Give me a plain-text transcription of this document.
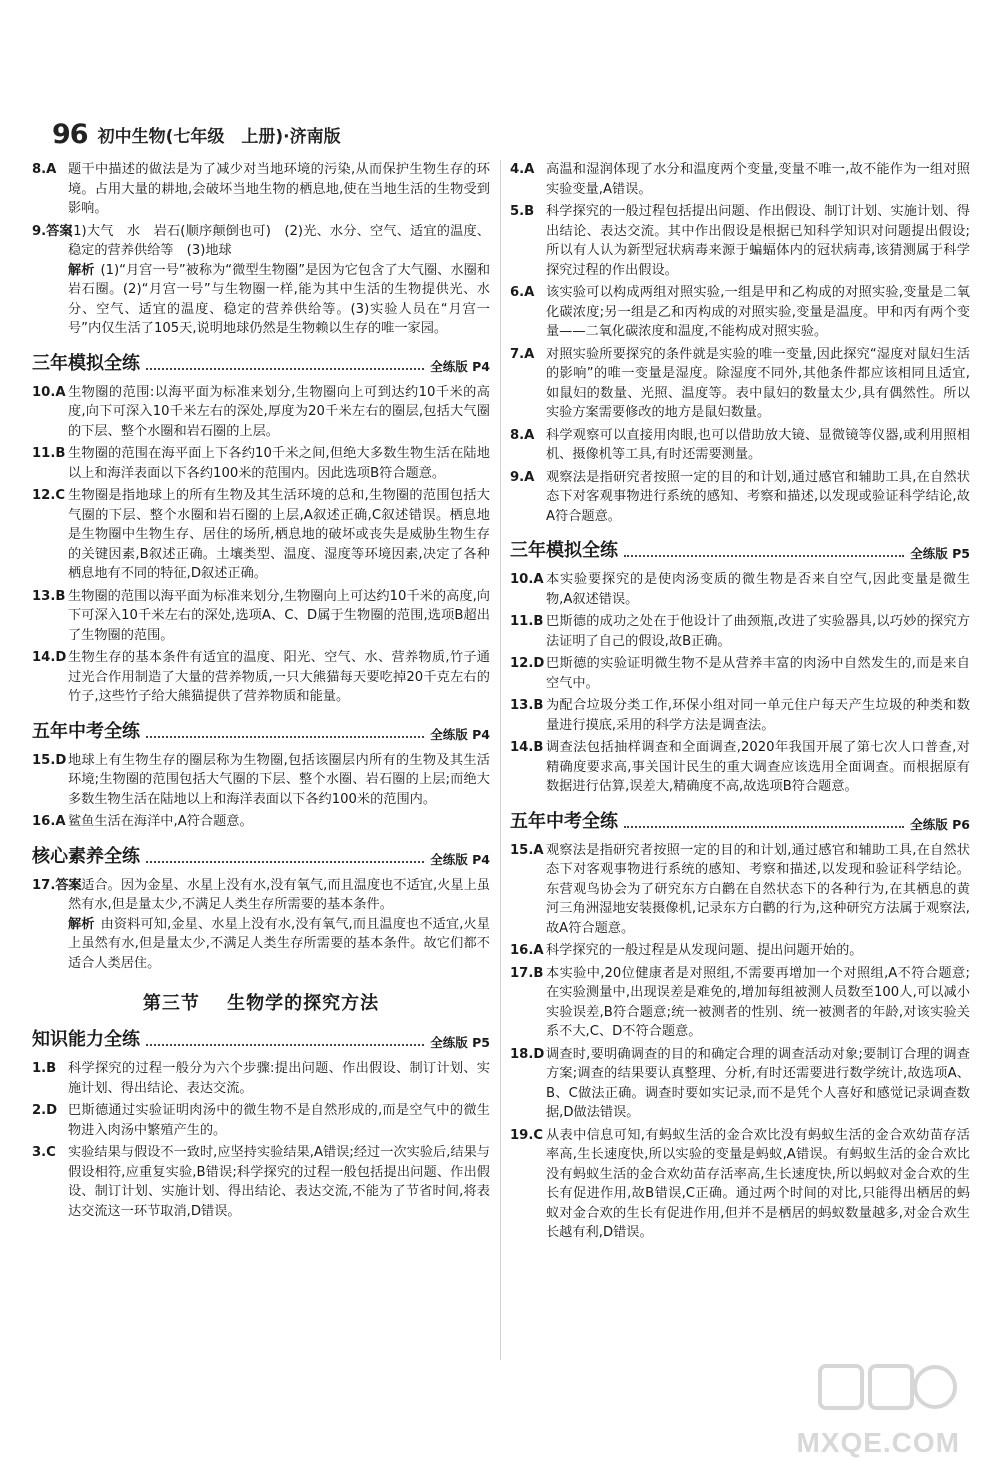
96 初中生物(七年级　上册)·济南版

8.A 题干中描述的做法是为了减少对当地环境的污染,从而保护生物生存的环境。占用大量的耕地,会破坏当地生物的栖息地,使在当地生活的生物受到影响。

9.答案
(1)大气　水　岩石(顺序颠倒也可)　(2)光、水分、空气、适宜的温度、稳定的营养供给等　(3)地球
解析 (1)“月宫一号”被称为“微型生物圈”是因为它包含了大气圈、水圈和岩石圈。(2)“月宫一号”与生物圈一样,能为其中生活的生物提供光、水分、空气、适宜的温度、稳定的营养供给等。(3)实验人员在“月宫一号”内仅生活了105天,说明地球仍然是生物赖以生存的唯一家园。

三年模拟全练	全练版 P4

10.A 生物圈的范围:以海平面为标准来划分,生物圈向上可到达约10千米的高度,向下可深入10千米左右的深处,厚度为20千米左右的圈层,包括大气圈的下层、整个水圈和岩石圈的上层。

11.B 生物圈的范围在海平面上下各约10千米之间,但绝大多数生物生活在陆地以上和海洋表面以下各约100米的范围内。因此选项B符合题意。

12.C 生物圈是指地球上的所有生物及其生活环境的总和,生物圈的范围包括大气圈的下层、整个水圈和岩石圈的上层,A叙述正确,C叙述错误。栖息地是生物圈中生物生存、居住的场所,栖息地的破坏或丧失是威胁生物生存的关键因素,B叙述正确。土壤类型、温度、湿度等环境因素,决定了各种栖息地有不同的特征,D叙述正确。

13.B 生物圈的范围以海平面为标准来划分,生物圈向上可达约10千米的高度,向下可深入10千米左右的深处,选项A、C、D属于生物圈的范围,选项B超出了生物圈的范围。

14.D 生物生存的基本条件有适宜的温度、阳光、空气、水、营养物质,竹子通过光合作用制造了大量的营养物质,一只大熊猫每天要吃掉20千克左右的竹子,这些竹子给大熊猫提供了营养物质和能量。

五年中考全练	全练版 P4

15.D 地球上有生物生存的圈层称为生物圈,包括该圈层内所有的生物及其生活环境;生物圈的范围包括大气圈的下层、整个水圈、岩石圈的上层;而绝大多数生物生活在陆地以上和海洋表面以下各约100米的范围内。

16.A 鲨鱼生活在海洋中,A符合题意。

核心素养全练	全练版 P4

17.答案
不适合。因为金星、水星上没有水,没有氧气,而且温度也不适宜,火星上虽然有水,但是量太少,不满足人类生存所需要的基本条件。
解析 由资料可知,金星、水星上没有水,没有氧气,而且温度也不适宜,火星上虽然有水,但是量太少,不满足人类生存所需要的基本条件。故它们都不适合人类居住。

第三节 生物学的探究方法
知识能力全练	全练版 P5

1.B 科学探究的过程一般分为六个步骤:提出问题、作出假设、制订计划、实施计划、得出结论、表达交流。

2.D 巴斯德通过实验证明肉汤中的微生物不是自然形成的,而是空气中的微生物进入肉汤中繁殖产生的。

3.C 实验结果与假设不一致时,应坚持实验结果,A错误;经过一次实验后,结果与假设相符,应重复实验,B错误;科学探究的过程一般包括提出问题、作出假设、制订计划、实施计划、得出结论、表达交流,不能为了节省时间,将表达交流这一环节取消,D错误。

4.A 高温和湿润体现了水分和温度两个变量,变量不唯一,故不能作为一组对照实验变量,A错误。

5.B 科学探究的一般过程包括提出问题、作出假设、制订计划、实施计划、得出结论、表达交流。其中作出假设是根据已知科学知识对问题提出假设;所以有人认为新型冠状病毒来源于蝙蝠体内的冠状病毒,该猜测属于科学探究过程的作出假设。

6.A 该实验可以构成两组对照实验,一组是甲和乙构成的对照实验,变量是二氧化碳浓度;另一组是乙和丙构成的对照实验,变量是温度。甲和丙有两个变量——二氧化碳浓度和温度,不能构成对照实验。

7.A 对照实验所要探究的条件就是实验的唯一变量,因此探究“湿度对鼠妇生活的影响”的唯一变量是湿度。除湿度不同外,其他条件都应该相同且适宜,如鼠妇的数量、光照、温度等。表中鼠妇的数量太少,具有偶然性。所以实验方案需要修改的地方是鼠妇数量。

8.A 科学观察可以直接用肉眼,也可以借助放大镜、显微镜等仪器,或利用照相机、摄像机等工具,有时还需要测量。

9.A 观察法是指研究者按照一定的目的和计划,通过感官和辅助工具,在自然状态下对客观事物进行系统的感知、考察和描述,以发现或验证科学结论,故A符合题意。

三年模拟全练	全练版 P5

10.A 本实验要探究的是使肉汤变质的微生物是否来自空气,因此变量是微生物,A叙述错误。

11.B 巴斯德的成功之处在于他设计了曲颈瓶,改进了实验器具,以巧妙的探究方法证明了自己的假设,故B正确。

12.D 巴斯德的实验证明微生物不是从营养丰富的肉汤中自然发生的,而是来自空气中。

13.B 为配合垃圾分类工作,环保小组对同一单元住户每天产生垃圾的种类和数量进行摸底,采用的科学方法是调查法。

14.B 调查法包括抽样调查和全面调查,2020年我国开展了第七次人口普查,对精确度要求高,事关国计民生的重大调查应该选用全面调查。而根据原有数据进行估算,误差大,精确度不高,故选项B符合题意。

五年中考全练	全练版 P6

15.A 观察法是指研究者按照一定的目的和计划,通过感官和辅助工具,在自然状态下对客观事物进行系统的感知、考察和描述,以发现和验证科学结论。东营观鸟协会为了研究东方白鹳在自然状态下的各种行为,在其栖息的黄河三角洲湿地安装摄像机,记录东方白鹳的行为,这种研究方法属于观察法,故A符合题意。

16.A 科学探究的一般过程是从发现问题、提出问题开始的。

17.B 本实验中,20位健康者是对照组,不需要再增加一个对照组,A不符合题意;在实验测量中,出现误差是难免的,增加每组被测人员数至100人,可以减小实验误差,B符合题意;统一被测者的性别、统一被测者的年龄,对该实验关系不大,C、D不符合题意。

18.D 调查时,要明确调查的目的和确定合理的调查活动对象;要制订合理的调查方案;调查的结果要认真整理、分析,有时还需要进行数学统计,故选项A、B、C做法正确。调查时要如实记录,而不是凭个人喜好和感觉记录调查数据,D做法错误。

19.C 从表中信息可知,有蚂蚁生活的金合欢比没有蚂蚁生活的金合欢幼苗存活率高,生长速度快,所以实验的变量是蚂蚁,A错误。有蚂蚁生活的金合欢比没有蚂蚁生活的金合欢幼苗存活率高,生长速度快,所以蚂蚁对金合欢的生长有促进作用,故B错误,C正确。通过两个时间的对比,只能得出栖居的蚂蚁对金合欢的生长有促进作用,但并不是栖居的蚂蚁数量越多,对金合欢生长越有利,D错误。

MXQE.COM
